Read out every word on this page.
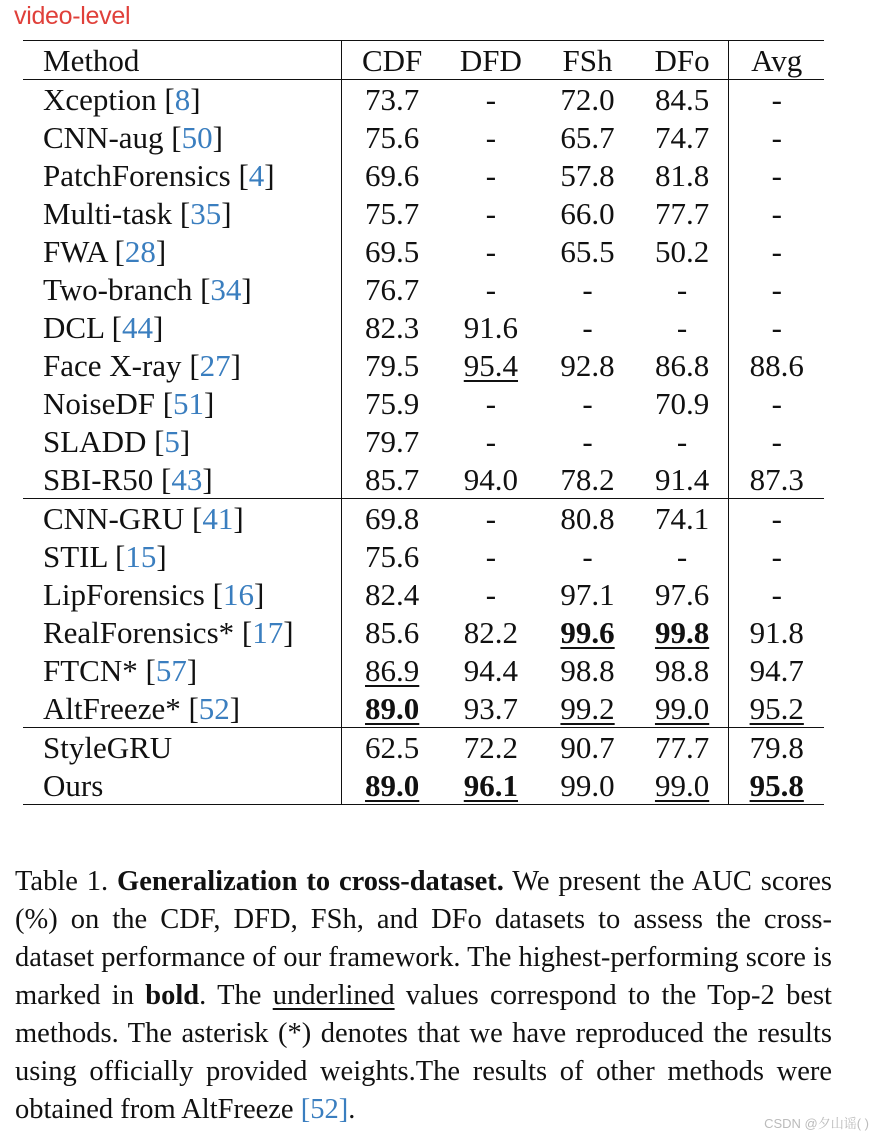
video-level
Method	CDF	DFD	FSh	DFo	Avg
Xception [8]	73.7	-	72.0	84.5	-
CNN-aug [50]	75.6	-	65.7	74.7	-
PatchForensics [4]	69.6	-	57.8	81.8	-
Multi-task [35]	75.7	-	66.0	77.7	-
FWA [28]	69.5	-	65.5	50.2	-
Two-branch [34]	76.7	-	-	-	-
DCL [44]	82.3	91.6	-	-	-
Face X-ray [27]	79.5	95.4	92.8	86.8	88.6
NoiseDF [51]	75.9	-	-	70.9	-
SLADD [5]	79.7	-	-	-	-
SBI-R50 [43]	85.7	94.0	78.2	91.4	87.3
CNN-GRU [41]	69.8	-	80.8	74.1	-
STIL [15]	75.6	-	-	-	-
LipForensics [16]	82.4	-	97.1	97.6	-
RealForensics* [17]	85.6	82.2	99.6	99.8	91.8
FTCN* [57]	86.9	94.4	98.8	98.8	94.7
AltFreeze* [52]	89.0	93.7	99.2	99.0	95.2
StyleGRU	62.5	72.2	90.7	77.7	79.8
Ours	89.0	96.1	99.0	99.0	95.8

Table 1. Generalization to cross-dataset. We present the AUC scores (%) on the CDF, DFD, FSh, and DFo datasets to assess the cross-dataset performance of our framework. The highest-performing score is marked in bold. The underlined values correspond to the Top-2 best methods. The asterisk (*) denotes that we have reproduced the results using officially provided weights.The results of other methods were obtained from AltFreeze [52].	CSDN @夕山谣( )
